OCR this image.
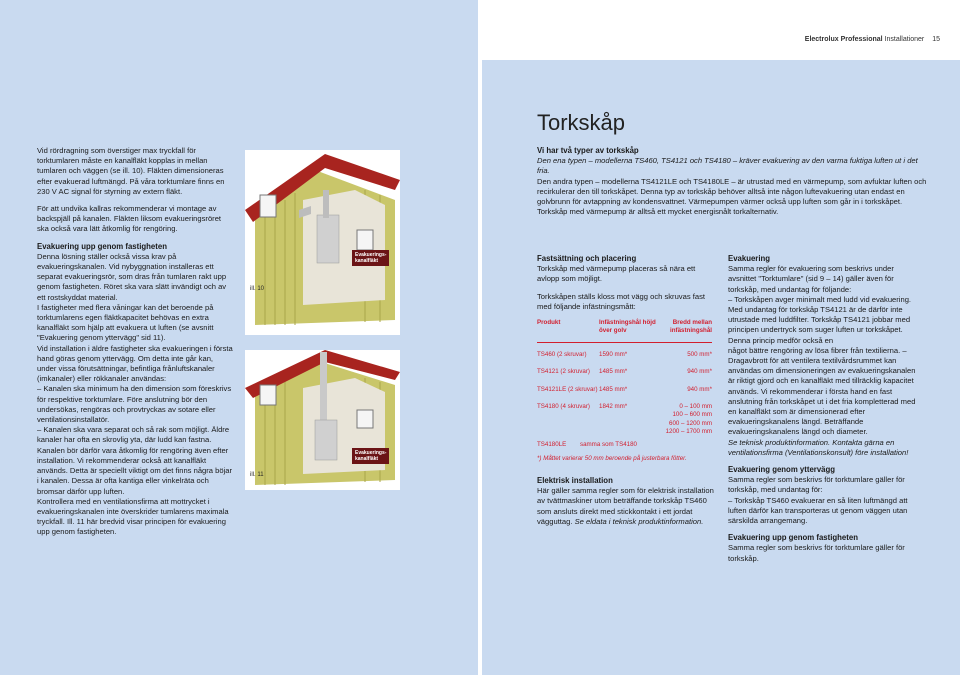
Electrolux Professional Installationer 15

Vid rördragning som överstiger max tryckfall för torktumlaren måste en kanalfläkt kopplas in mellan tumlaren och väggen (se ill. 10). Fläkten dimensioneras efter evakuerad luftmängd. På våra torktumlare finns en 230 V AC signal för styrning av extern fläkt.

För att undvika kallras rekommenderar vi montage av backspjäll på kanalen. Fläkten liksom evakueringsröret ska också vara lätt åtkomlig för rengöring.

Evakuering upp genom fastigheten

Denna lösning ställer också vissa krav på evakueringskanalen. Vid nybyggnation installeras ett separat evakueringsrör, som dras från tumlaren rakt upp genom fastigheten. Röret ska vara slätt invändigt och av ett rostskyddat material.

I fastigheter med flera våningar kan det beroende på torktumlarens egen fläktkapacitet behövas en extra kanalfläkt som hjälp att evakuera ut luften (se avsnitt "Evakuering genom yttervägg" sid 11).

Vid installation i äldre fastigheter ska evakueringen i första hand göras genom yttervägg. Om detta inte går kan, under vissa förutsättningar, befintliga frånluftskanaler (imkanaler) eller rökkanaler användas:

– Kanalen ska minimum ha den dimension som föreskrivs för respektive torktumlare. Före anslutning bör den undersökas, rengöras och provtryckas av sotare eller ventilationsinstallatör.

– Kanalen ska vara separat och så rak som möjligt. Äldre kanaler har ofta en skrovlig yta, där ludd kan fastna. Kanalen bör därför vara åtkomlig för rengöring även efter installation. Vi rekommenderar också att kanalfläkt används. Detta är speciellt viktigt om det finns några böjar i kanalen. Dessa är ofta kantiga eller vinkelräta och bromsar därför upp luften.

Kontrollera med en ventilationsfirma att mottrycket i evakueringskanalen inte överskrider tumlarens maximala tryckfall. Ill. 11 här bredvid visar principen för evakuering upp genom fastigheten.

Evakuerings-
kanalfläkt
ill. 10
Evakuerings-
kanalfläkt
ill. 11
Torkskåp
Vi har två typer av torkskåp

Den ena typen – modellerna TS460, TS4121 och TS4180 – kräver evakuering av den varma fuktiga luften ut i det fria.

Den andra typen – modellerna TS4121LE och TS4180LE – är utrustad med en värmepump, som avfuktar luften och recirkulerar den till torkskåpet. Denna typ av torkskåp behöver alltså inte någon luftevakuering utan endast en golvbrunn för avtappning av kondensvattnet. Värmepumpen värmer också upp luften som går in i torkskåpet. Torkskåp med värmepump är alltså ett mycket energisnålt torkalternativ.

Fastsättning och placering

Torkskåp med värmepump placeras så nära ett avlopp som möjligt.

Torkskåpen ställs kloss mot vägg och skruvas fast med följande infästningsmått:

Produkt	Infästningshål höjd över golv
Bredd mellan infästningshål
TS460 (2 skruvar)	1590 mm*	500 mm*
TS4121 (2 skruvar)	1485 mm*	940 mm*
TS4121LE (2 skruvar) 1485 mm*	940 mm*
TS4180 (4 skruvar)	1842 mm*	0 – 100 mm
100 – 600 mm
600 – 1200 mm
1200 – 1700 mm
TS4180LE        samma som TS4180
*) Måttet varierar 50 mm beroende på justerbara fötter.
Elektrisk installation

Här gäller samma regler som för elektrisk installation av tvättmaskiner utom beträffande torkskåp TS460 som ansluts direkt med stickkontakt i ett jordat vägguttag. Se eldata i teknisk produktinformation.

Evakuering

Samma regler för evakuering som beskrivs under avsnittet "Torktumlare" (sid 9 – 14) gäller även för torkskåp, med undantag för följande:

– Torkskåpen avger minimalt med ludd vid evakuering. Med undantag för torkskåp TS4121 är de därför inte utrustade med luddfilter. Torkskåp TS4121 jobbar med principen undertryck som suger luften ur torkskåpet. Denna princip medför också en

något bättre rengöring av lösa fibrer från textilierna. – Dragavbrott för att ventilera textilvårdsrummet kan användas om dimensioneringen av evakueringskanalen är riktigt gjord och en kanalfläkt med tillräcklig kapacitet används. Vi rekommenderar i första hand en fast anslutning från torkskåpet ut i det fria kompletterad med en kanalfläkt som är dimensionerad efter evakueringskanalens längd. Beträffande evakueringskanalens längd och diameter.

Se teknisk produktinformation. Kontakta gärna en ventilationsfirma (Ventilationskonsult) före installation!

Evakuering genom yttervägg

Samma regler som beskrivs för torktumlare gäller för torkskåp, med undantag för:

– Torkskåp TS460 evakuerar en så liten luftmängd att luften därför kan transporteras ut genom väggen utan särskilda arrangemang.

Evakuering upp genom fastigheten

Samma regler som beskrivs för torktumlare gäller för torkskåp.
